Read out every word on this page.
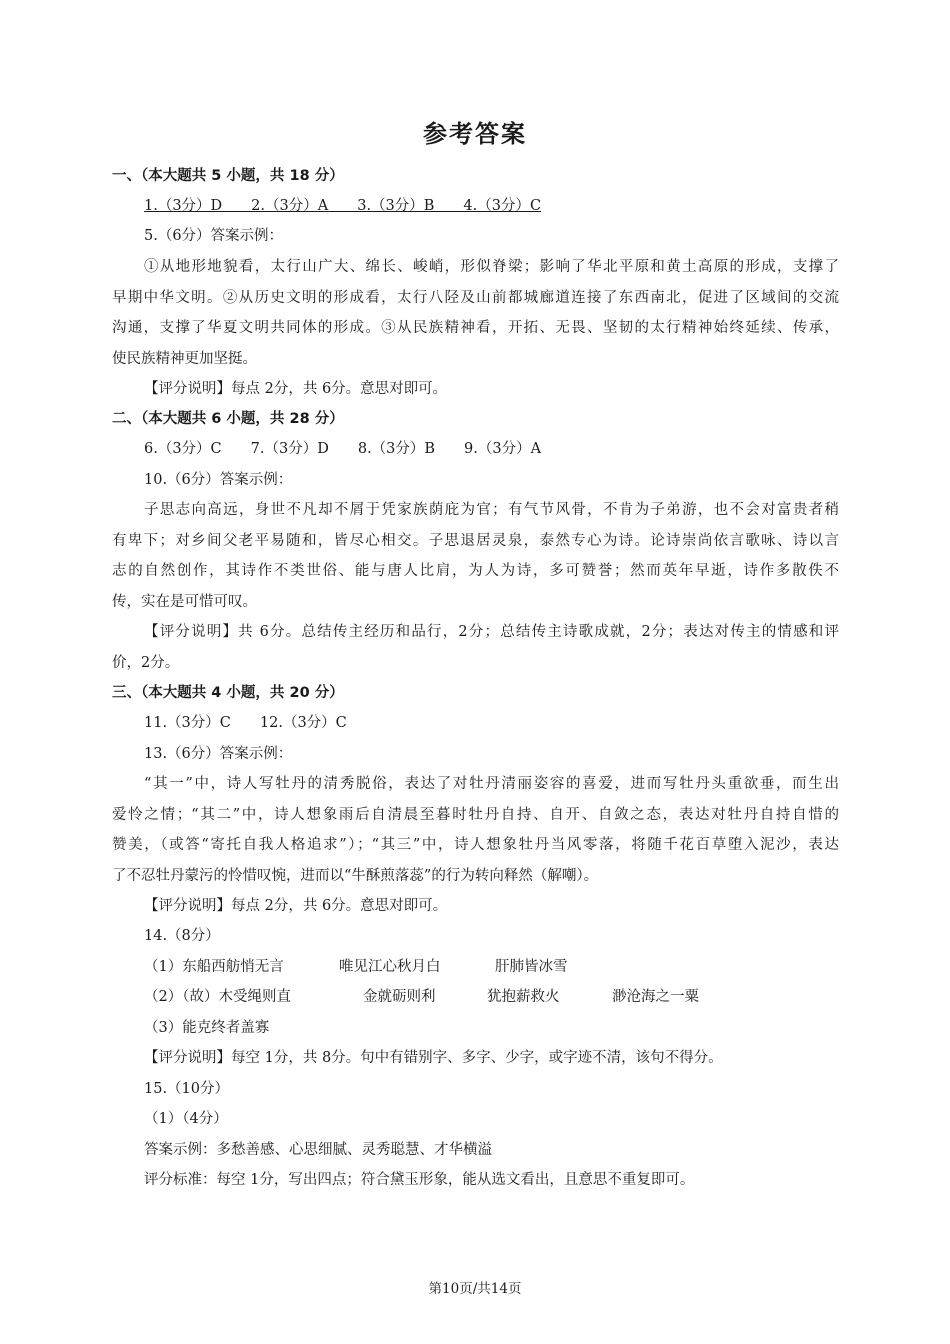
参考答案
一、（本大题共 5 小题，共 18 分）
1.（3分）D　　2.（3分）A　　3.（3分）B　　4.（3分）C
5.（6分）答案示例：
①从地形地貌看，太行山广大、绵长、峻峭，形似脊梁；影响了华北平原和黄土高原的形成，支撑了
早期中华文明。②从历史文明的形成看，太行八陉及山前都城廊道连接了东西南北，促进了区域间的交流
沟通，支撑了华夏文明共同体的形成。③从民族精神看，开拓、无畏、坚韧的太行精神始终延续、传承，
使民族精神更加坚挺。
【评分说明】每点 2分，共 6分。意思对即可。
二、（本大题共 6 小题，共 28 分）
6.（3分）C　　7.（3分）D　　8.（3分）B　　9.（3分）A
10.（6分）答案示例：
子思志向高远，身世不凡却不屑于凭家族荫庇为官；有气节风骨，不肯为子弟游，也不会对富贵者稍
有卑下；对乡间父老平易随和，皆尽心相交。子思退居灵泉，泰然专心为诗。论诗崇尚依言歌咏、诗以言
志的自然创作，其诗作不类世俗、能与唐人比肩，为人为诗，多可赞誉；然而英年早逝，诗作多散佚不
传，实在是可惜可叹。
【评分说明】共 6分。总结传主经历和品行，2分；总结传主诗歌成就，2分；表达对传主的情感和评
价，2分。
三、（本大题共 4 小题，共 20 分）
11.（3分）C　　12.（3分）C
13.（6分）答案示例：
“其一”中，诗人写牡丹的清秀脱俗，表达了对牡丹清丽姿容的喜爱，进而写牡丹头重欲垂，而生出
爱怜之情；“其二”中，诗人想象雨后自清晨至暮时牡丹自持、自开、自敛之态，表达对牡丹自持自惜的
赞美，（或答“寄托自我人格追求”）；“其三”中，诗人想象牡丹当风零落，将随千花百草堕入泥沙，表达
了不忍牡丹蒙污的怜惜叹惋，进而以“牛酥煎落蕊”的行为转向释然（解嘲）。
【评分说明】每点 2分，共 6分。意思对即可。
14.（8分）
（1）东船西舫悄无言	唯见江心秋月白	肝肺皆冰雪
（2）（故）木受绳则直	金就砺则利	犹抱薪救火	渺沧海之一粟
（3）能克终者盖寡
【评分说明】每空 1分，共 8分。句中有错别字、多字、少字，或字迹不清，该句不得分。
15.（10分）
（1）（4分）
答案示例：多愁善感、心思细腻、灵秀聪慧、才华横溢
评分标准：每空 1分，写出四点；符合黛玉形象，能从选文看出，且意思不重复即可。
第10页/共14页
